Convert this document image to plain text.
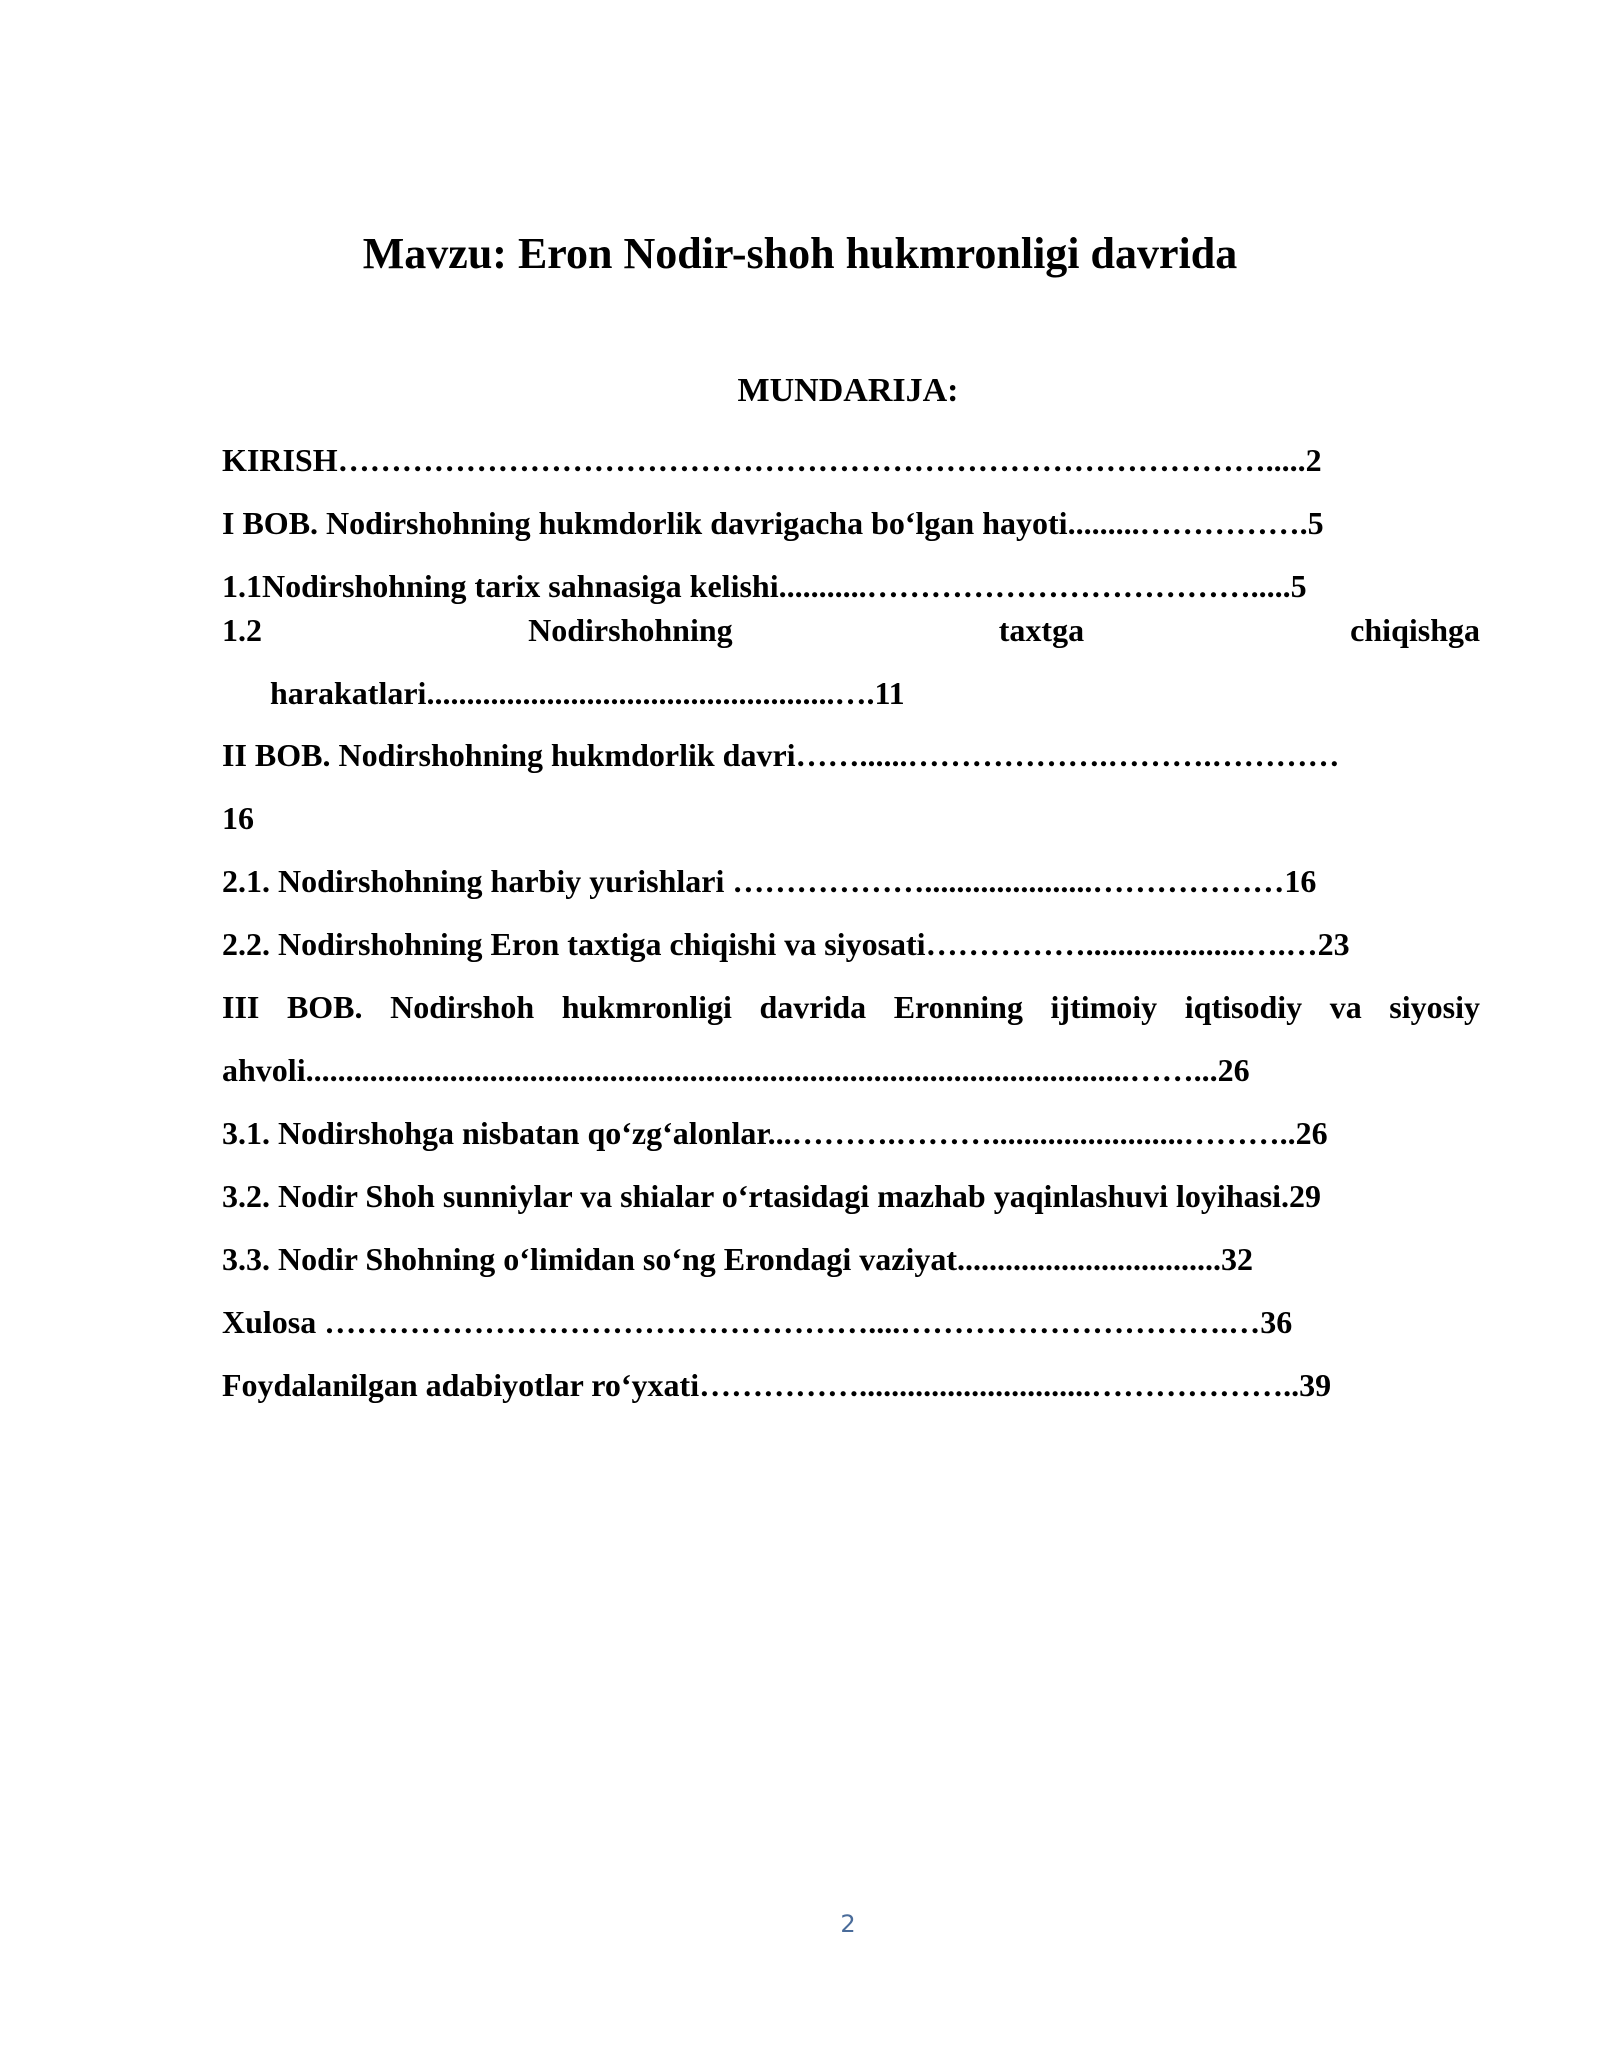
Mavzu: Eron Nodir-shoh hukmronligi davrida
MUNDARIJA:
KIRISH…………………………………………………………………………….....2
I BOB. Nodirshohning hukmdorlik davrigacha bo‘lgan hayoti.........…………….5
1.1Nodirshohning tarix sahnasiga kelishi...........……………………………….....5
1.2	Nodirshohning	taxtga	chiqishga
harakatlari...................................................….11
II BOB. Nodirshohning hukmdorlik davri……......……………….……….…………
16
2.1. Nodirshohning harbiy yurishlari ……………….....................………………16
2.2. Nodirshohning Eron taxtiga chiqishi va siyosati……………....................….…23
III BOB. Nodirshoh hukmronligi davrida Eronning ijtimoiy iqtisodiy va siyosiy
ahvoli.......................................................................................................……...26
3.1. Nodirshohga nisbatan qo‘zg‘alonlar...……….………........................………..26
3.2. Nodir Shoh sunniylar va shialar o‘rtasidagi mazhab yaqinlashuvi loyihasi.29
3.3. Nodir Shohning o‘limidan so‘ng Erondagi vaziyat.................................32
Xulosa ……………………………………………....………………………….…36
Foydalanilgan adabiyotlar ro‘yxati…………….............................………………..39
2
